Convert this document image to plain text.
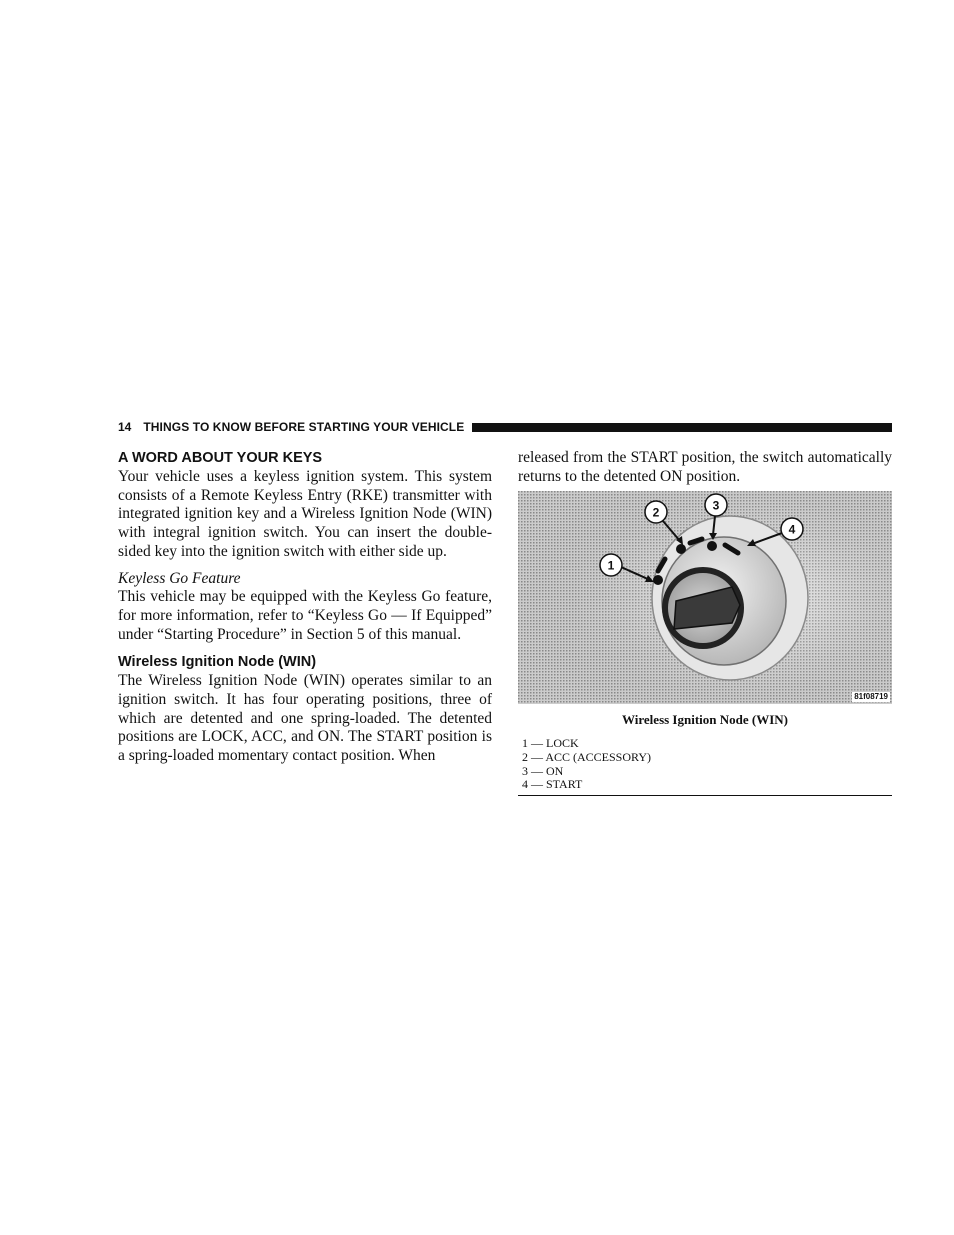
14 THINGS TO KNOW BEFORE STARTING YOUR VEHICLE
A WORD ABOUT YOUR KEYS

Your vehicle uses a keyless ignition system. This system consists of a Remote Keyless Entry (RKE) transmitter with integrated ignition key and a Wireless Ignition Node (WIN) with integral ignition switch. You can insert the double-sided key into the ignition switch with either side up.

Keyless Go Feature

This vehicle may be equipped with the Keyless Go feature, for more information, refer to “Keyless Go — If Equipped” under “Starting Procedure” in Section 5 of this manual.

Wireless Ignition Node (WIN)

The Wireless Ignition Node (WIN) operates similar to an ignition switch. It has four operating positions, three of which are detented and one spring-loaded. The detented positions are LOCK, ACC, and ON. The START position is a spring-loaded momentary contact position. When

released from the START position, the switch automatically returns to the detented ON position.

1
2	3
4
81f08719
Wireless Ignition Node (WIN)
1 — LOCK
2 — ACC (ACCESSORY)
3 — ON
4 — START
